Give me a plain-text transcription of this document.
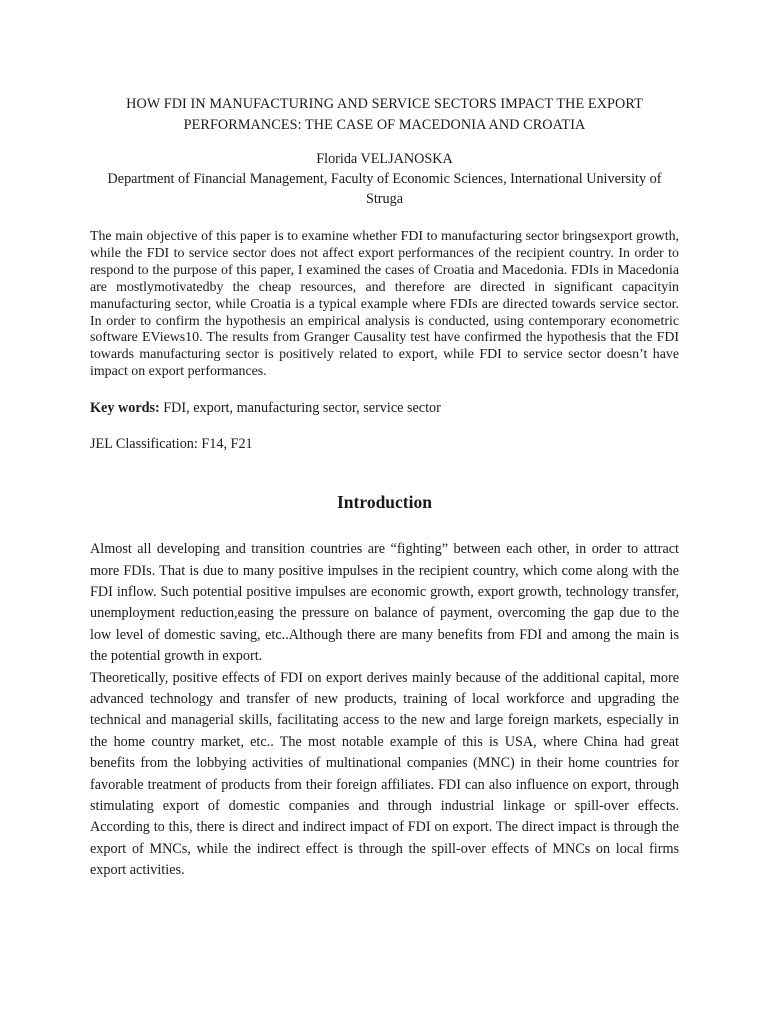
HOW FDI IN MANUFACTURING AND SERVICE SECTORS IMPACT THE EXPORT PERFORMANCES: THE CASE OF MACEDONIA AND CROATIA
Florida VELJANOSKA
Department of Financial Management, Faculty of Economic Sciences, International University of Struga
The main objective of this paper is to examine whether FDI to manufacturing sector bringsexport growth, while the FDI to service sector does not affect export performances of the recipient country. In order to respond to the purpose of this paper, I examined the cases of Croatia and Macedonia. FDIs in Macedonia are mostlymotivatedby the cheap resources, and therefore are directed in significant capacityin manufacturing sector, while Croatia is a typical example where FDIs are directed towards service sector. In order to confirm the hypothesis an empirical analysis is conducted, using contemporary econometric software EViews10. The results from Granger Causality test have confirmed the hypothesis that the FDI towards manufacturing sector is positively related to export, while FDI to service sector doesn’t have impact on export performances.
Key words: FDI, export, manufacturing sector, service sector
JEL Classification: F14, F21
Introduction

Almost all developing and transition countries are “fighting” between each other, in order to attract more FDIs. That is due to many positive impulses in the recipient country, which come along with the FDI inflow. Such potential positive impulses are economic growth, export growth, technology transfer, unemployment reduction,easing the pressure on balance of payment, overcoming the gap due to the low level of domestic saving, etc..Although there are many benefits from FDI and among the main is the potential growth in export.

Theoretically, positive effects of FDI on export derives mainly because of the additional capital, more advanced technology and transfer of new products, training of local workforce and upgrading the technical and managerial skills, facilitating access to the new and large foreign markets, especially in the home country market, etc.. The most notable example of this is USA, where China had great benefits from the lobbying activities of multinational companies (MNC) in their home countries for favorable treatment of products from their foreign affiliates. FDI can also influence on export, through stimulating export of domestic companies and through industrial linkage or spill-over effects. According to this, there is direct and indirect impact of FDI on export. The direct impact is through the export of MNCs, while the indirect effect is through the spill-over effects of MNCs on local firms export activities.
